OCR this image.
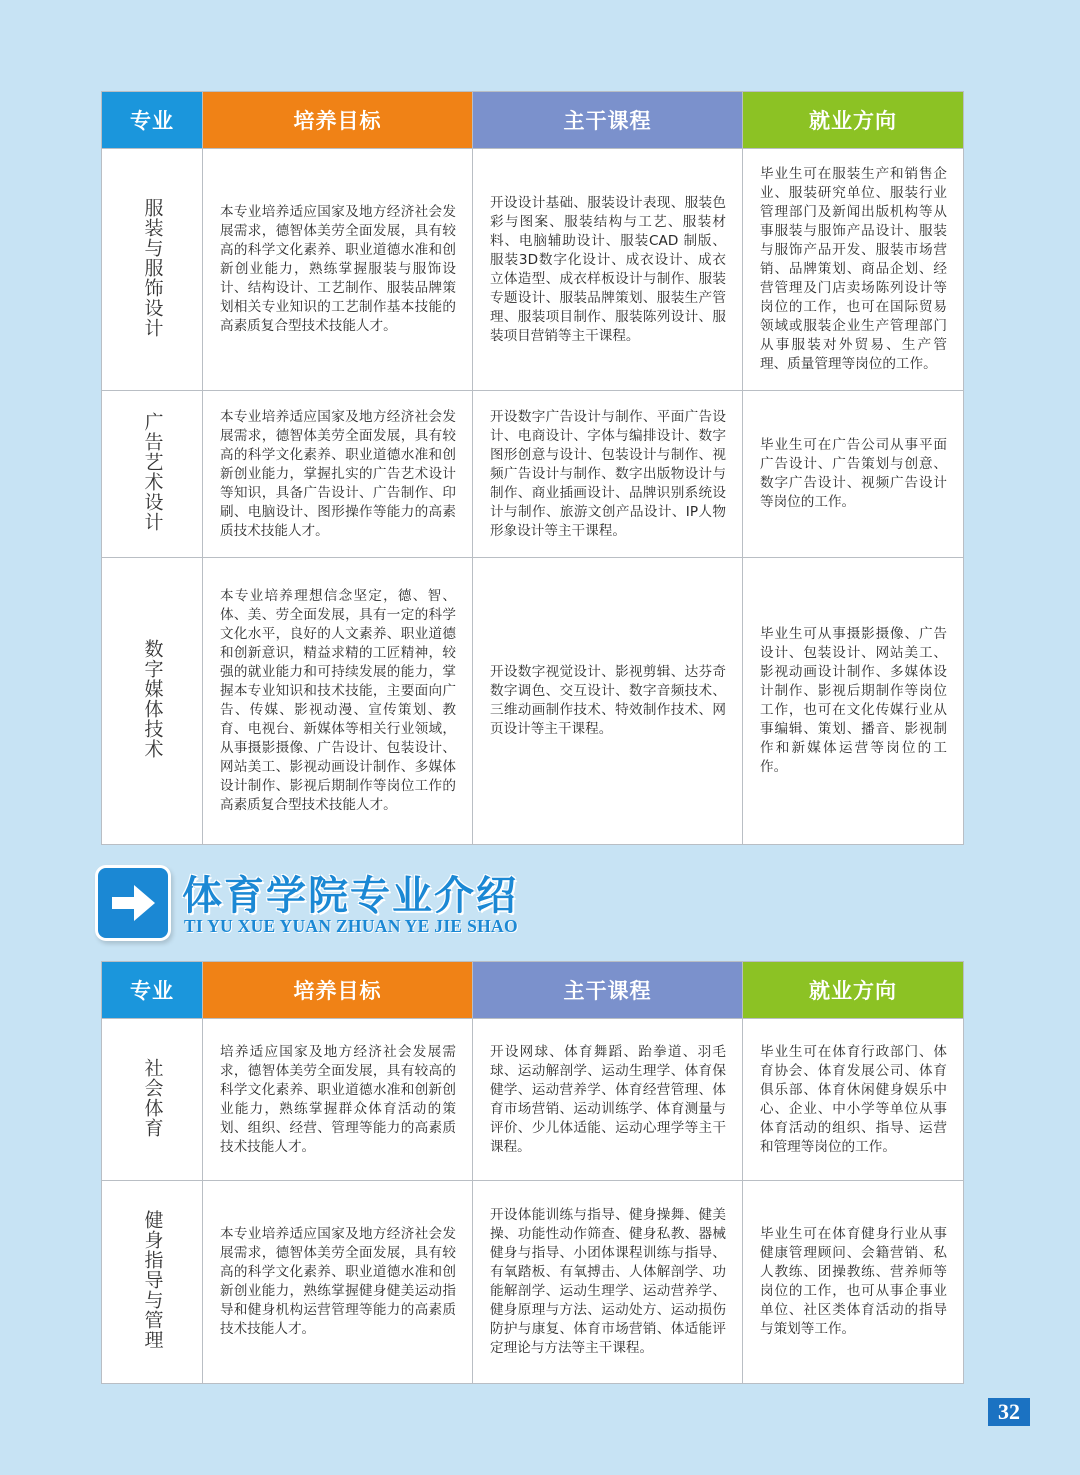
专业	培养目标	主干课程	就业方向
服装与服饰设计	本专业培养适应国家及地方经济社会发展需求，德智体美劳全面发展，具有较高的科学文化素养、职业道德水准和创新创业能力，熟练掌握服装与服饰设计、结构设计、工艺制作、服装品牌策划相关专业知识的工艺制作基本技能的高素质复合型技术技能人才。	开设设计基础、服装设计表现、服装色彩与图案、服装结构与工艺、服装材料、电脑辅助设计、服装CAD 制版、服装3D数字化设计、成衣设计、成衣立体造型、成衣样板设计与制作、服装专题设计、服装品牌策划、服装生产管理、服装项目制作、服装陈列设计、服装项目营销等主干课程。	毕业生可在服装生产和销售企业、服装研究单位、服装行业管理部门及新闻出版机构等从事服装与服饰产品设计、服装与服饰产品开发、服装市场营销、品牌策划、商品企划、经营管理及门店卖场陈列设计等岗位的工作，也可在国际贸易领域或服装企业生产管理部门从事服装对外贸易、生产管理、质量管理等岗位的工作。
广告艺术设计	本专业培养适应国家及地方经济社会发展需求，德智体美劳全面发展，具有较高的科学文化素养、职业道德水准和创新创业能力，掌握扎实的广告艺术设计等知识，具备广告设计、广告制作、印刷、电脑设计、图形操作等能力的高素质技术技能人才。	开设数字广告设计与制作、平面广告设计、电商设计、字体与编排设计、数字图形创意与设计、包装设计与制作、视频广告设计与制作、数字出版物设计与制作、商业插画设计、品牌识别系统设计与制作、旅游文创产品设计、IP人物形象设计等主干课程。	毕业生可在广告公司从事平面广告设计、广告策划与创意、数字广告设计、视频广告设计等岗位的工作。
数字媒体技术	本专业培养理想信念坚定，德、智、体、美、劳全面发展，具有一定的科学文化水平，良好的人文素养、职业道德和创新意识，精益求精的工匠精神，较强的就业能力和可持续发展的能力，掌握本专业知识和技术技能，主要面向广告、传媒、影视动漫、宣传策划、教育、电视台、新媒体等相关行业领域，从事摄影摄像、广告设计、包装设计、网站美工、影视动画设计制作、多媒体设计制作、影视后期制作等岗位工作的高素质复合型技术技能人才。	开设数字视觉设计、影视剪辑、达芬奇数字调色、交互设计、数字音频技术、三维动画制作技术、特效制作技术、网页设计等主干课程。	毕业生可从事摄影摄像、广告设计、包装设计、网站美工、影视动画设计制作、多媒体设计制作、影视后期制作等岗位工作，也可在文化传媒行业从事编辑、策划、播音、影视制作和新媒体运营等岗位的工作。
体育学院专业介绍
TI YU XUE YUAN ZHUAN YE JIE SHAO
专业	培养目标	主干课程	就业方向
社会体育	培养适应国家及地方经济社会发展需求，德智体美劳全面发展，具有较高的科学文化素养、职业道德水准和创新创业能力，熟练掌握群众体育活动的策划、组织、经营、管理等能力的高素质技术技能人才。	开设网球、体育舞蹈、跆拳道、羽毛球、运动解剖学、运动生理学、体育保健学、运动营养学、体育经营管理、体育市场营销、运动训练学、体育测量与评价、少儿体适能、运动心理学等主干课程。	毕业生可在体育行政部门、体育协会、体育发展公司、体育俱乐部、体育休闲健身娱乐中心、企业、中小学等单位从事体育活动的组织、指导、运营和管理等岗位的工作。
健身指导与管理	本专业培养适应国家及地方经济社会发展需求，德智体美劳全面发展，具有较高的科学文化素养、职业道德水准和创新创业能力，熟练掌握健身健美运动指导和健身机构运营管理等能力的高素质技术技能人才。	开设体能训练与指导、健身操舞、健美操、功能性动作筛查、健身私教、器械健身与指导、小团体课程训练与指导、有氧踏板、有氧搏击、人体解剖学、功能解剖学、运动生理学、运动营养学、健身原理与方法、运动处方、运动损伤防护与康复、体育市场营销、体适能评定理论与方法等主干课程。	毕业生可在体育健身行业从事健康管理顾问、会籍营销、私人教练、团操教练、营养师等岗位的工作，也可从事企事业单位、社区类体育活动的指导与策划等工作。
32
